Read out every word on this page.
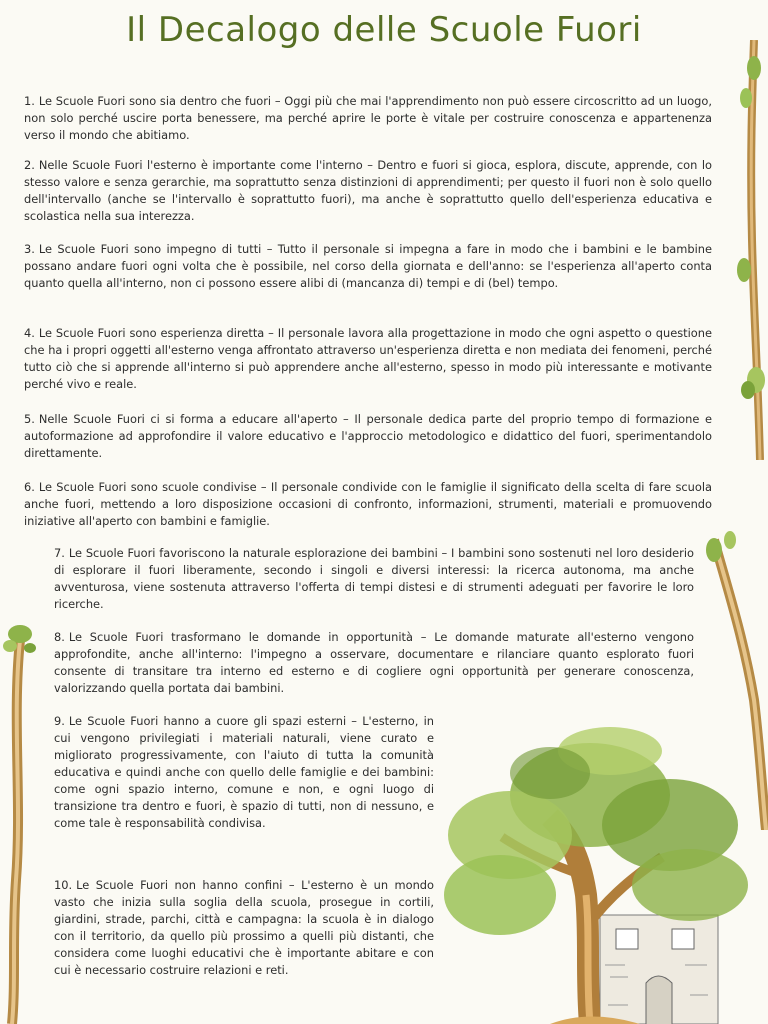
Il Decalogo delle Scuole Fuori
1. Le Scuole Fuori sono sia dentro che fuori – Oggi più che mai l'apprendimento non può essere circoscritto ad un luogo, non solo perché uscire porta benessere, ma perché aprire le porte è vitale per costruire conoscenza e appartenenza verso il mondo che abitiamo.
2. Nelle Scuole Fuori l'esterno è importante come l'interno – Dentro e fuori si gioca, esplora, discute, apprende, con lo stesso valore e senza gerarchie, ma soprattutto senza distinzioni di apprendimenti; per questo il fuori non è solo quello dell'intervallo (anche se l'intervallo è soprattutto fuori), ma anche è soprattutto quello dell'esperienza educativa e scolastica nella sua interezza.
3. Le Scuole Fuori sono impegno di tutti – Tutto il personale si impegna a fare in modo che i bambini e le bambine possano andare fuori ogni volta che è possibile, nel corso della giornata e dell'anno: se l'esperienza all'aperto conta quanto quella all'interno, non ci possono essere alibi di (mancanza di) tempi e di (bel) tempo.
4. Le Scuole Fuori sono esperienza diretta – Il personale lavora alla progettazione in modo che ogni aspetto o questione che ha i propri oggetti all'esterno venga affrontato attraverso un'esperienza diretta e non mediata dei fenomeni, perché tutto ciò che si apprende all'interno si può apprendere anche all'esterno, spesso in modo più interessante e motivante perché vivo e reale.
5. Nelle Scuole Fuori ci si forma a educare all'aperto – Il personale dedica parte del proprio tempo di formazione e autoformazione ad approfondire il valore educativo e l'approccio metodologico e didattico del fuori, sperimentandolo direttamente.
6. Le Scuole Fuori sono scuole condivise – Il personale condivide con le famiglie il significato della scelta di fare scuola anche fuori, mettendo a loro disposizione occasioni di confronto, informazioni, strumenti, materiali e promuovendo iniziative all'aperto con bambini e famiglie.
7. Le Scuole Fuori favoriscono la naturale esplorazione dei bambini – I bambini sono sostenuti nel loro desiderio di esplorare il fuori liberamente, secondo i singoli e diversi interessi: la ricerca autonoma, ma anche avventurosa, viene sostenuta attraverso l'offerta di tempi distesi e di strumenti adeguati per favorire le loro ricerche.
8. Le Scuole Fuori trasformano le domande in opportunità – Le domande maturate all'esterno vengono approfondite, anche all'interno: l'impegno a osservare, documentare e rilanciare quanto esplorato fuori consente di transitare tra interno ed esterno e di cogliere ogni opportunità per generare conoscenza, valorizzando quella portata dai bambini.
9. Le Scuole Fuori hanno a cuore gli spazi esterni – L'esterno, in cui vengono privilegiati i materiali naturali, viene curato e migliorato progressivamente, con l'aiuto di tutta la comunità educativa e quindi anche con quello delle famiglie e dei bambini: come ogni spazio interno, comune e non, e ogni luogo di transizione tra dentro e fuori, è spazio di tutti, non di nessuno, e come tale è responsabilità condivisa.
10. Le Scuole Fuori non hanno confini – L'esterno è un mondo vasto che inizia sulla soglia della scuola, prosegue in cortili, giardini, strade, parchi, città e campagna: la scuola è in dialogo con il territorio, da quello più prossimo a quelli più distanti, che considera come luoghi educativi che è importante abitare e con cui è necessario costruire relazioni e reti.
